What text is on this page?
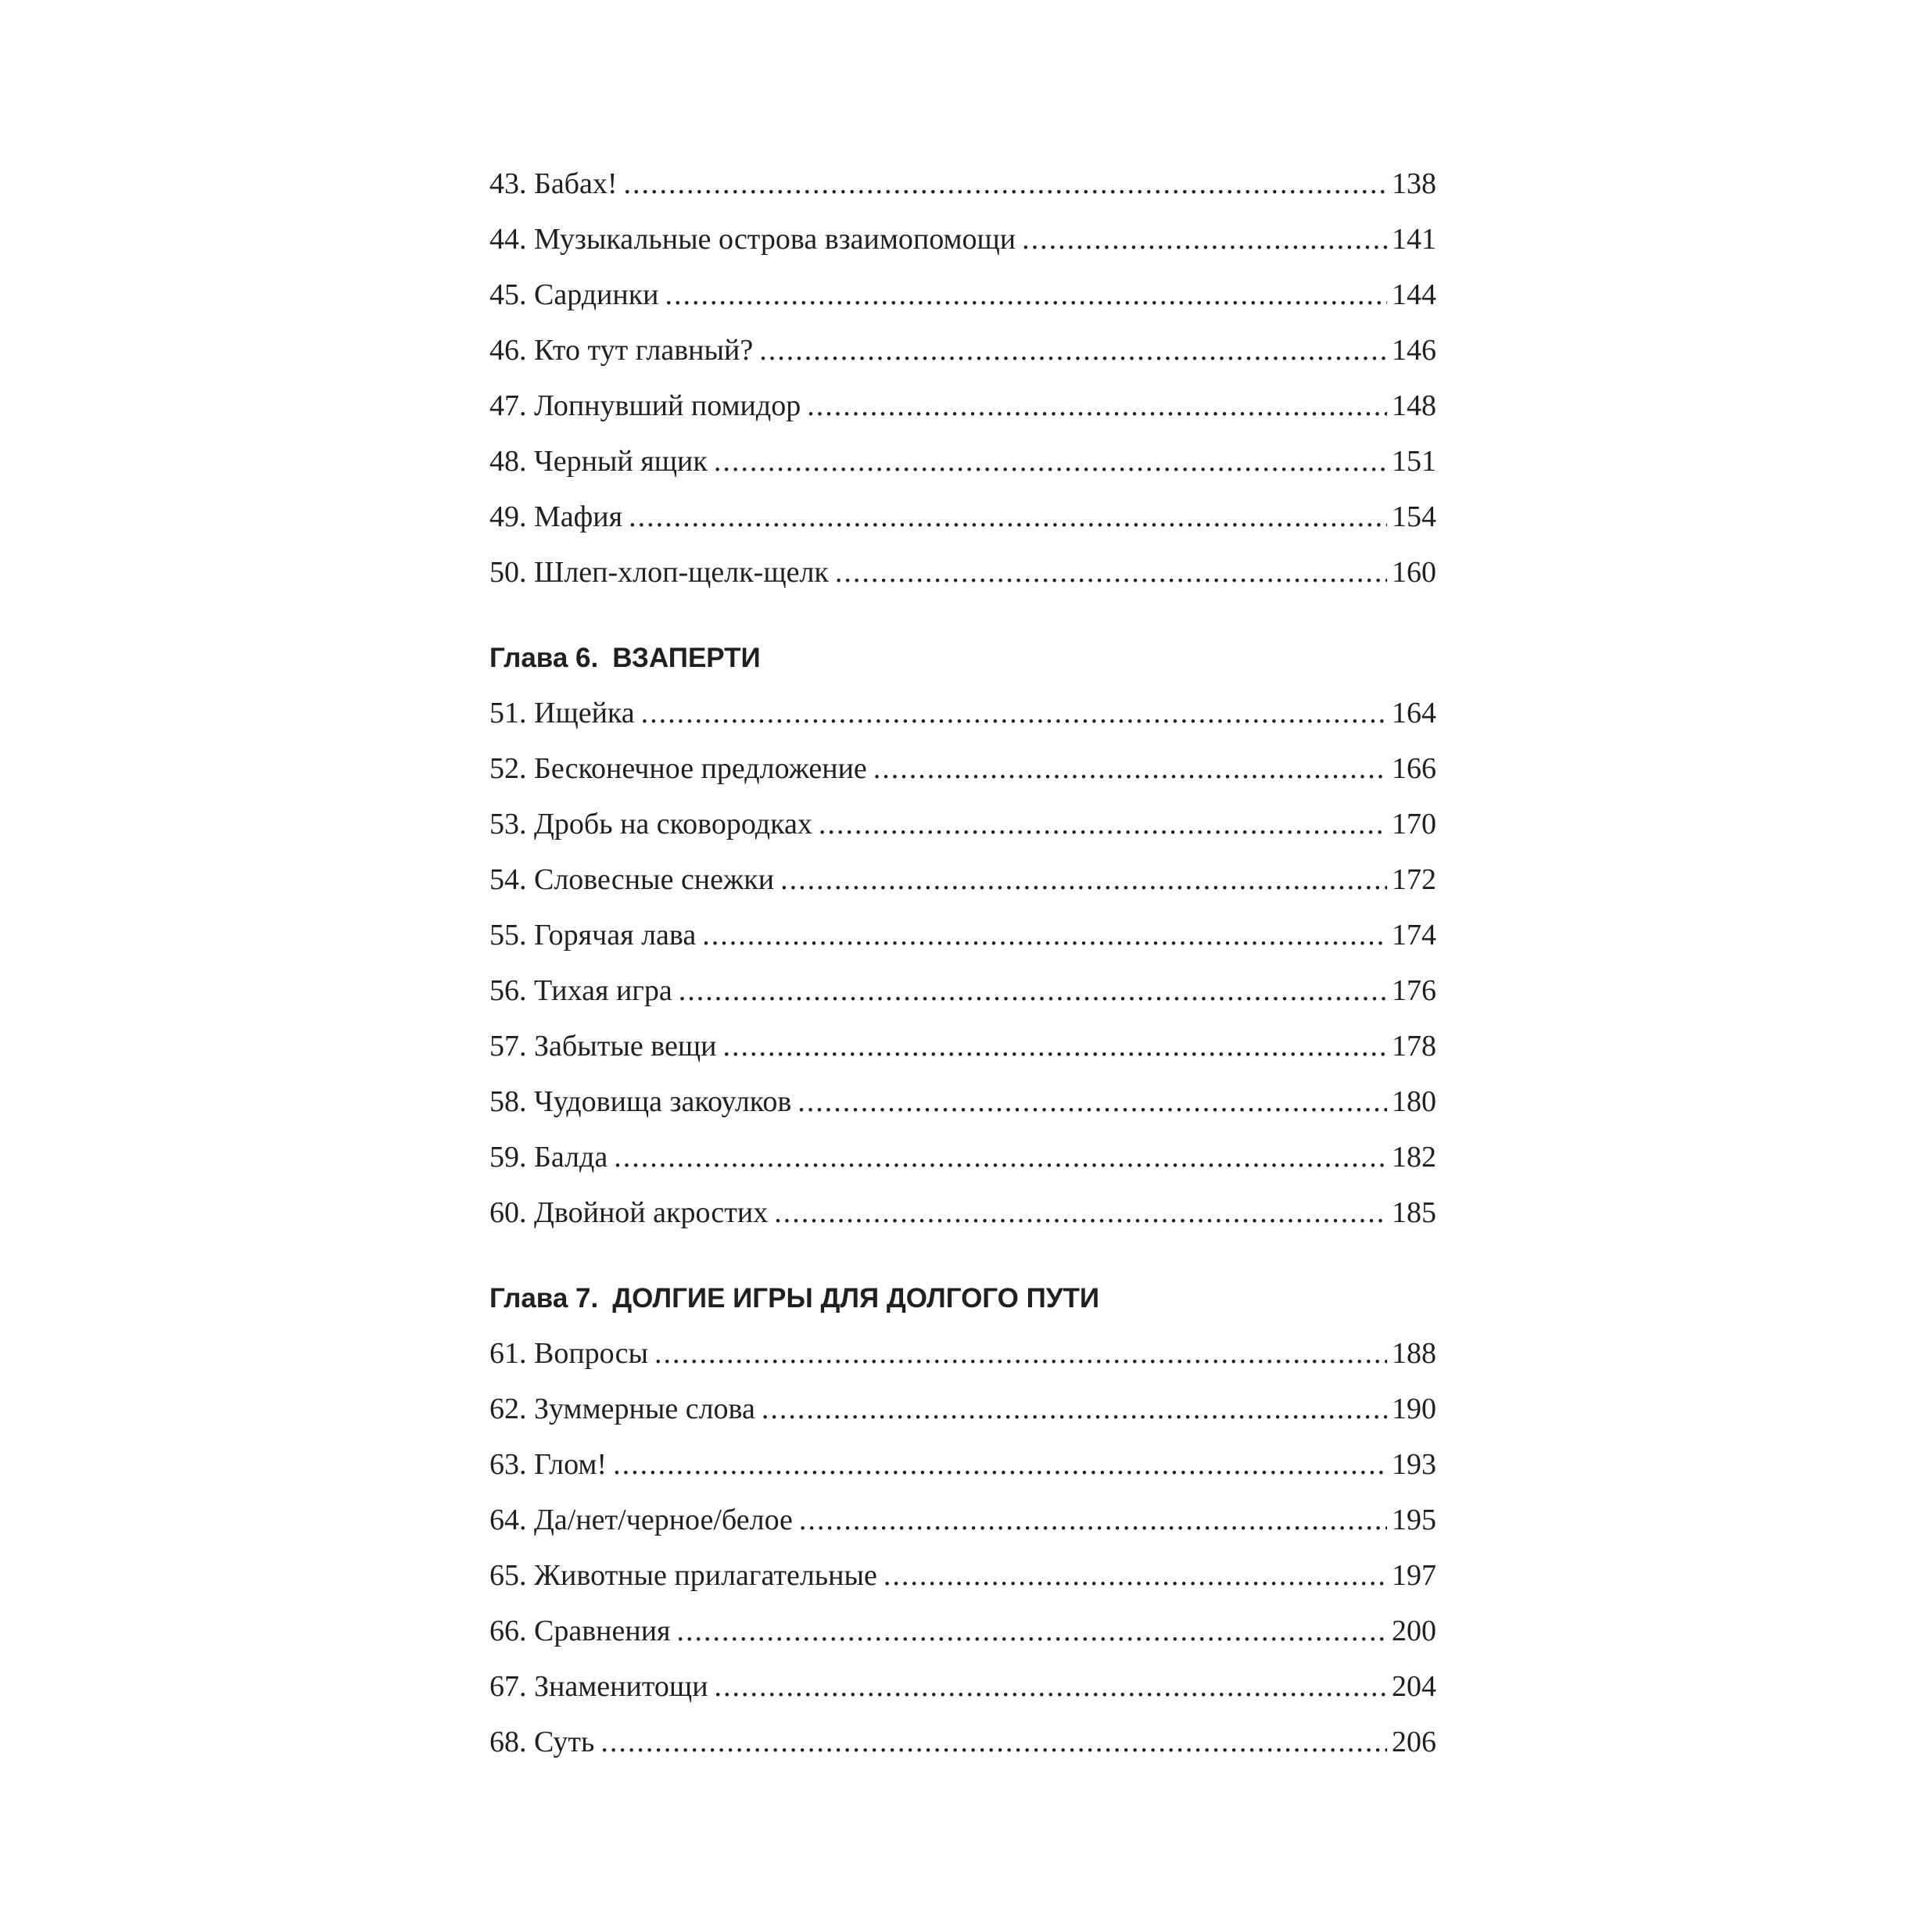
43. Бабах! .....	138
44. Музыкальные острова взаимопомощи .....	141
45. Сардинки .....	144
46. Кто тут главный? .....	146
47. Лопнувший помидор .....	148
48. Черный ящик .....	151
49. Мафия .....	154
50. Шлеп-хлоп-щелк-щелк .....	160
Глава 6. ВЗАПЕРТИ
51. Ищейка .....	164
52. Бесконечное предложение .....	166
53. Дробь на сковородках .....	170
54. Словесные снежки .....	172
55. Горячая лава .....	174
56. Тихая игра .....	176
57. Забытые вещи .....	178
58. Чудовища закоулков .....	180
59. Балда .....	182
60. Двойной акростих .....	185
Глава 7. ДОЛГИЕ ИГРЫ ДЛЯ ДОЛГОГО ПУТИ
61. Вопросы .....	188
62. Зуммерные слова .....	190
63. Глом! .....	193
64. Да/нет/черное/белое .....	195
65. Животные прилагательные .....	197
66. Сравнения .....	200
67. Знаменитощи .....	204
68. Суть .....	206
